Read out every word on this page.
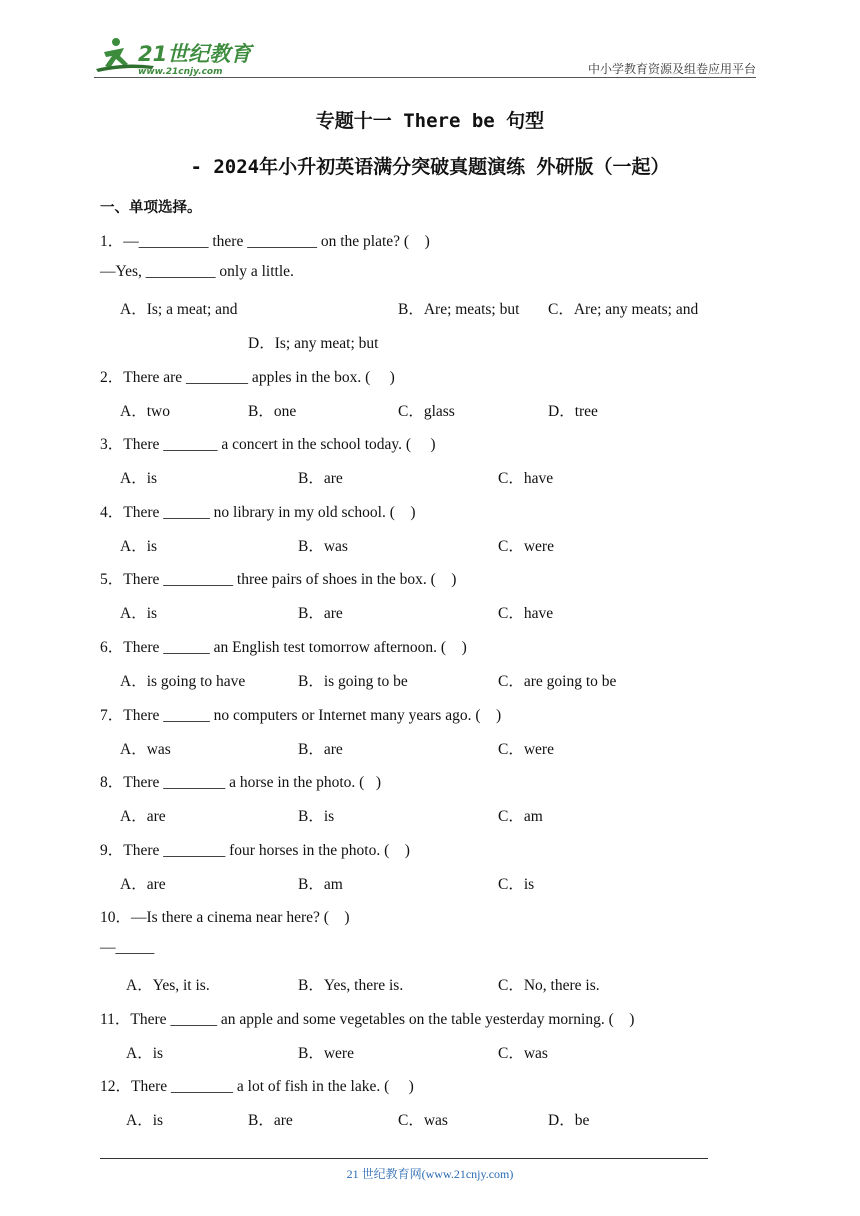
21世纪教育
www.21cnjy.com	中小学教育资源及组卷应用平台
专题十一 There be 句型
- 2024年小升初英语满分突破真题演练 外研版（一起）
一、单项选择。
1．—_________ there _________ on the plate? (    )
—Yes, _________ only a little.
A．Is; a meat; and	B．Are; meats; but C．Are; any meats; and
D．Is; any meat; but
2．There are ________ apples in the box. (     )
A．two	B．one	C．glass	D．tree
3．There _______ a concert in the school today. (     )
A．is	B．are	C．have
4．There ______ no library in my old school. (    )
A．is	B．was	C．were
5．There _________ three pairs of shoes in the box. (    )
A．is	B．are	C．have
6．There ______ an English test tomorrow afternoon. (    )
A．is going to have	B．is going to be	C．are going to be
7．There ______ no computers or Internet many years ago. (    )
A．was	B．are	C．were
8．There ________ a horse in the photo. (   )
A．are	B．is	C．am
9．There ________ four horses in the photo. (    )
A．are	B．am	C．is
10．—Is there a cinema near here? (    )
—_____
A．Yes, it is.	B．Yes, there is.	C．No, there is.
11．There ______ an apple and some vegetables on the table yesterday morning. (    )
A．is	B．were	C．was
12．There ________ a lot of fish in the lake. (     )
A．is	B．are	C．was	D．be
21 世纪教育网(www.21cnjy.com)
